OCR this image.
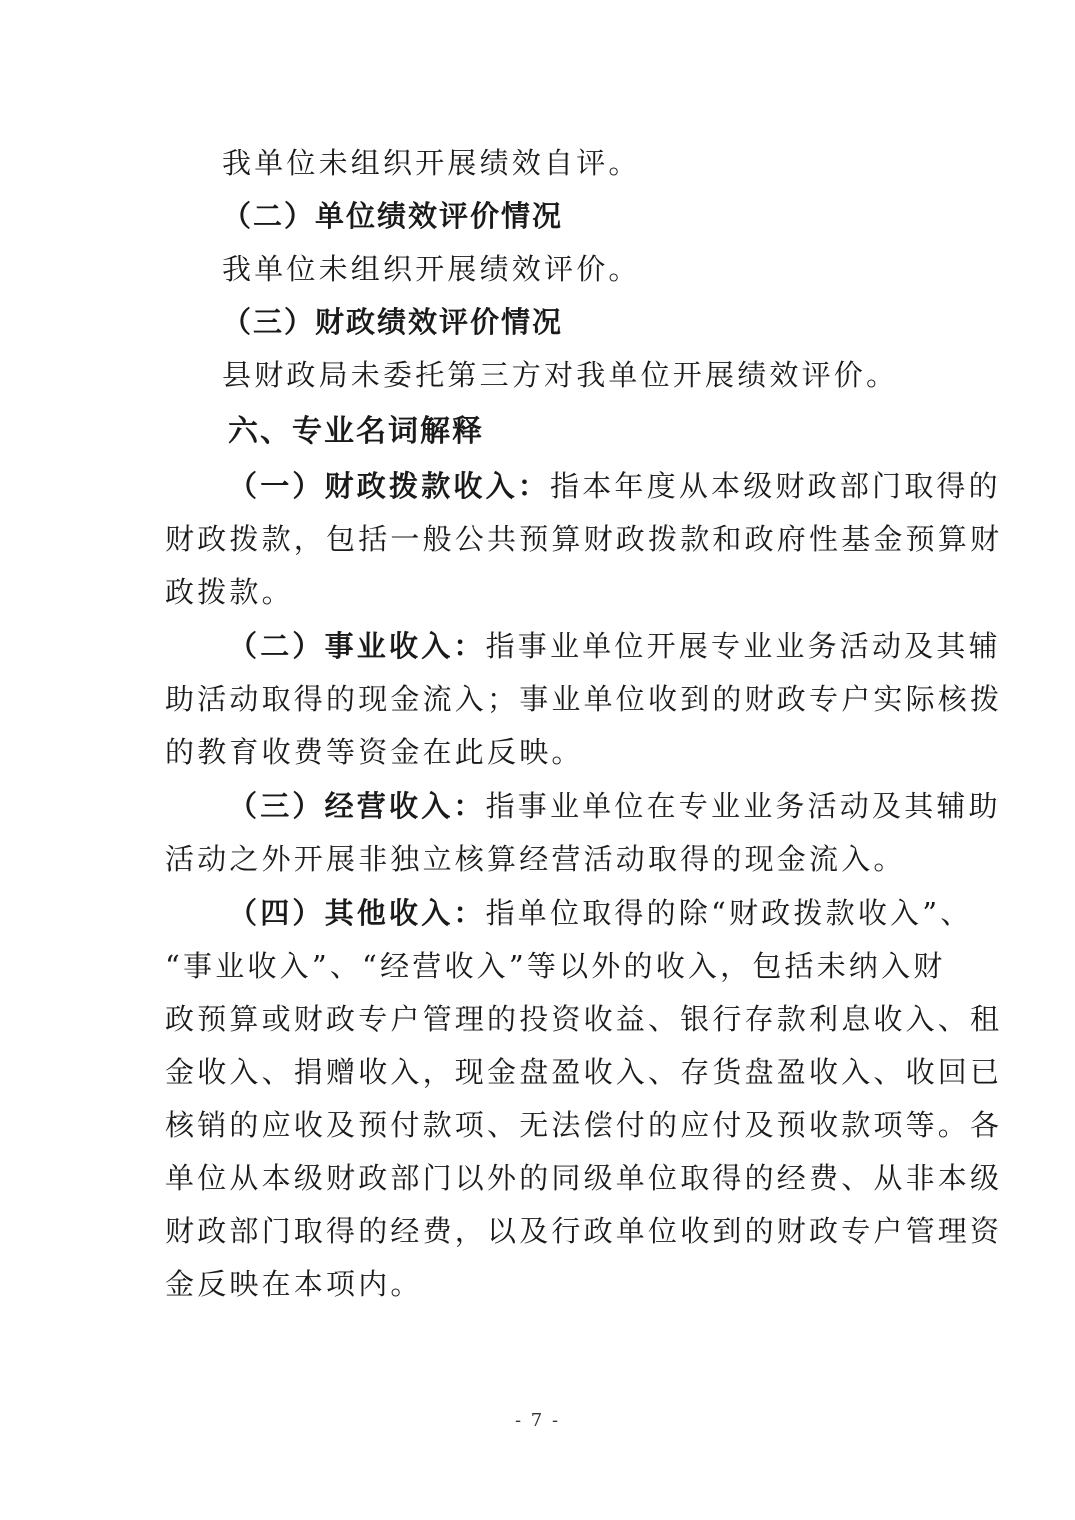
我单位未组织开展绩效自评。
（二）单位绩效评价情况
我单位未组织开展绩效评价。
（三）财政绩效评价情况
县财政局未委托第三方对我单位开展绩效评价。
六、专业名词解释
（一）财政拨款收入：指本年度从本级财政部门取得的
财政拨款，包括一般公共预算财政拨款和政府性基金预算财
政拨款。
（二）事业收入：指事业单位开展专业业务活动及其辅
助活动取得的现金流入；事业单位收到的财政专户实际核拨
的教育收费等资金在此反映。
（三）经营收入：指事业单位在专业业务活动及其辅助
活动之外开展非独立核算经营活动取得的现金流入。
（四）其他收入：指单位取得的除“财政拨款收入”、
“事业收入”、“经营收入”等以外的收入，包括未纳入财
政预算或财政专户管理的投资收益、银行存款利息收入、租
金收入、捐赠收入，现金盘盈收入、存货盘盈收入、收回已
核销的应收及预付款项、无法偿付的应付及预收款项等。各
单位从本级财政部门以外的同级单位取得的经费、从非本级
财政部门取得的经费，以及行政单位收到的财政专户管理资
金反映在本项内。
- 7 -
